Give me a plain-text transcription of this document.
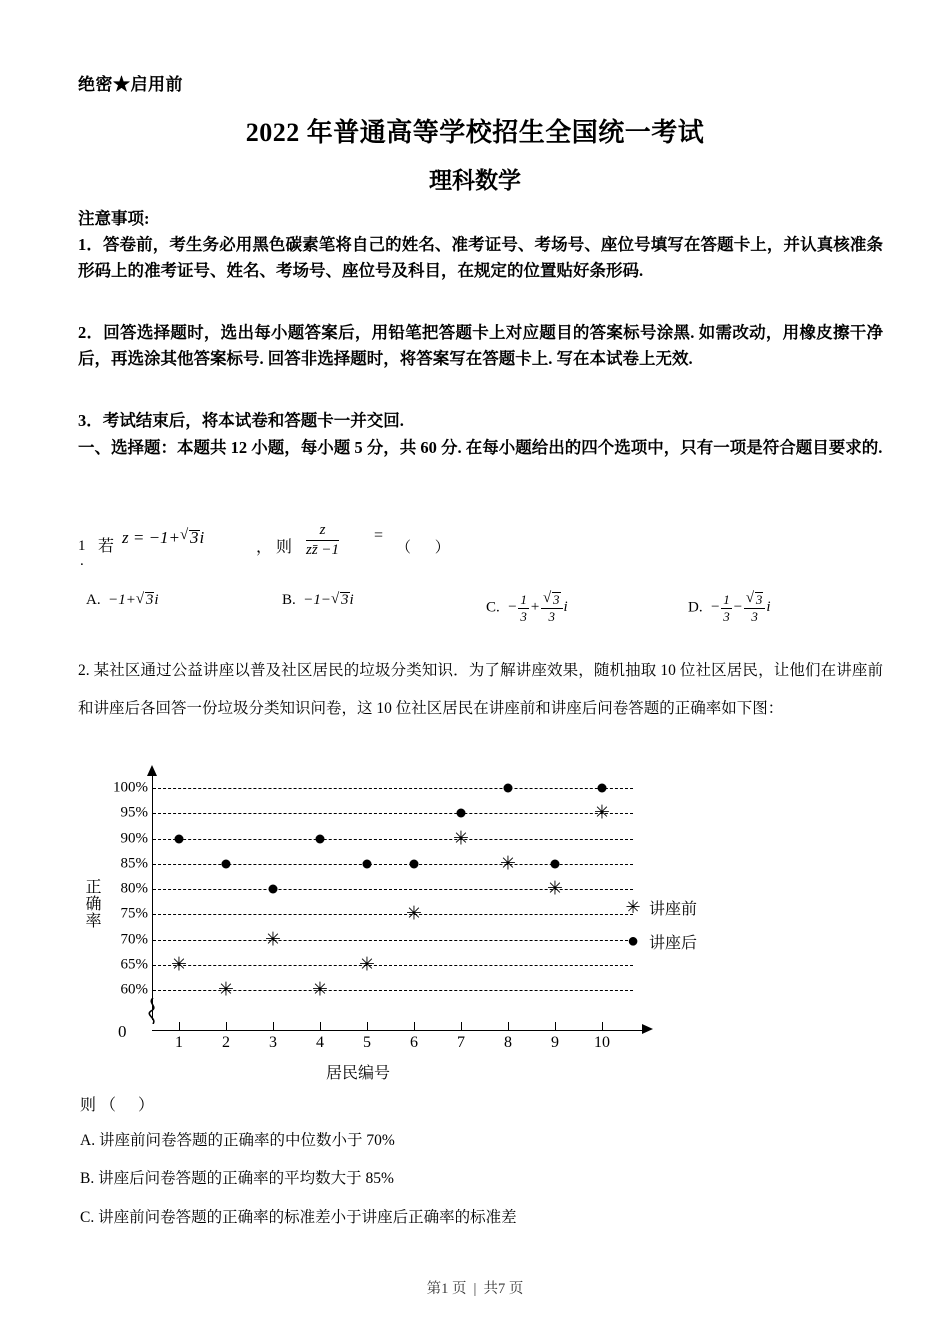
绝密★启用前
2022 年普通高等学校招生全国统一考试
理科数学
注意事项:
1．答卷前，考生务必用黑色碳素笔将自己的姓名、准考证号、考场号、座位号填写在答题卡上，并认真核准条形码上的准考证号、姓名、考场号、座位号及科目，在规定的位置贴好条形码.
2．回答选择题时，选出每小题答案后，用铅笔把答题卡上对应题目的答案标号涂黑. 如需改动，用橡皮擦干净后，再选涂其他答案标号. 回答非选择题时，将答案写在答题卡上. 写在本试卷上无效.
3．考试结束后，将本试卷和答题卡一并交回.
一、选择题：本题共 12 小题，每小题 5 分，共 60 分. 在每小题给出的四个选项中，只有一项是符合题目要求的.
1
.
若 z = −1+ √ 3i
， 则 $\frac{z}{zz̄ -1}$ =
（ ）
A. −1+ √ 3i	B. −1− √ 3i	C. − $\frac{1}{3}$ + √ $\frac{3}{3}$ i	D. − $\frac{1}{3}$ − √ $\frac{3}{3}$ i
2. 某社区通过公益讲座以普及社区居民的垃圾分类知识．为了解讲座效果，随机抽取 10 位社区居民，让他们在讲座前和讲座后各回答一份垃圾分类知识问卷，这 10 位社区居民在讲座前和讲座后问卷答题的正确率如下图：
正确率
100%
95%
90%
85%
80%
75%
70%
65%
60%
0
✳
✳
✳
✳
✳
✳
✳
✳
✳
✳
✳ 讲座前
● 讲座后
居民编号
1 2 3 4 5 6 7 8 9 10
则 （ ）
A. 讲座前问卷答题的正确率的中位数小于 70%
B. 讲座后问卷答题的正确率的平均数大于 85%
C. 讲座前问卷答题的正确率的标准差小于讲座后正确率的标准差
第1 页 | 共7 页
